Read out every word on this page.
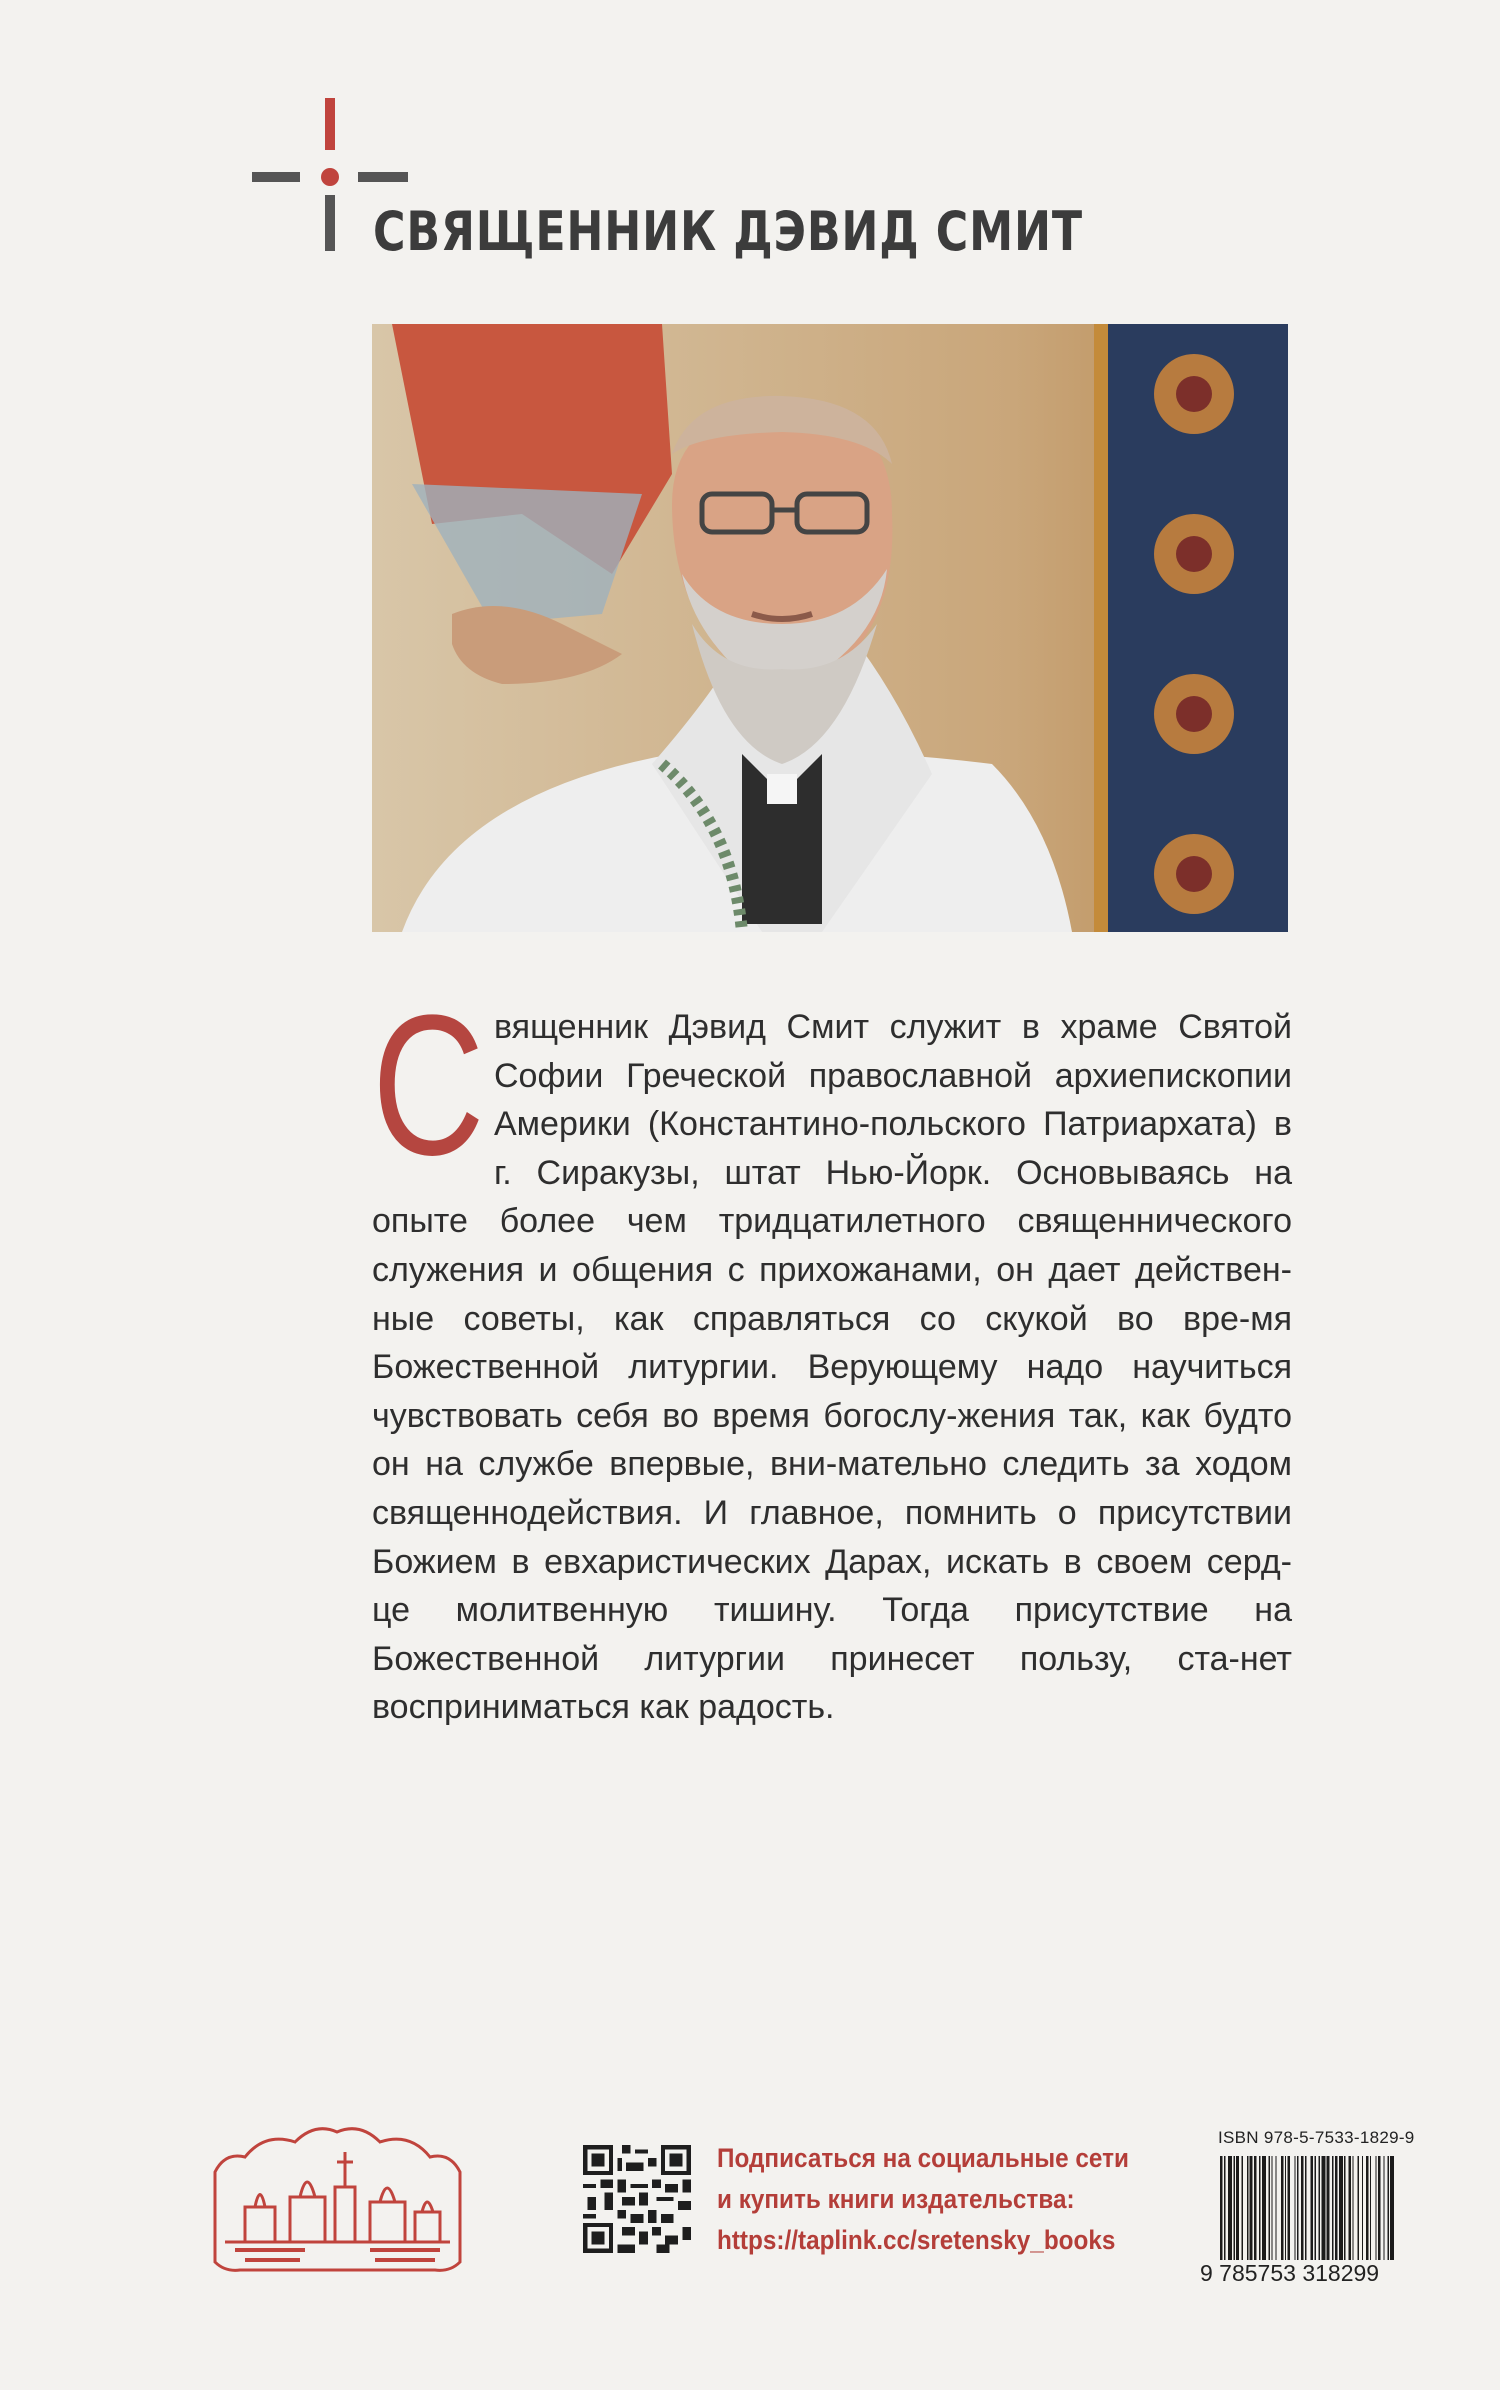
СВЯЩЕННИК ДЭВИД СМИТ
Священник Дэвид Смит служит в храме Святой Софии Греческой православной архиепископии Америки (Константино-польского Патриархата) в г. Сиракузы, штат Нью-Йорк. Основываясь на опыте более чем тридцатилетного священнического служения и общения с прихожанами, он дает действен-ные советы, как справляться со скукой во вре-мя Божественной литургии. Верующему надо научиться чувствовать себя во время богослу-жения так, как будто он на службе впервые, вни-мательно следить за ходом священнодействия. И главное, помнить о присутствии Божием в евхаристических Дарах, искать в своем серд-це молитвенную тишину. Тогда присутствие на Божественной литургии принесет пользу, ста-нет восприниматься как радость.
Подписаться на социальные сети
и купить книги издательства:
https://taplink.cc/sretensky_books
ISBN 978-5-7533-1829-9
9 785753 318299
